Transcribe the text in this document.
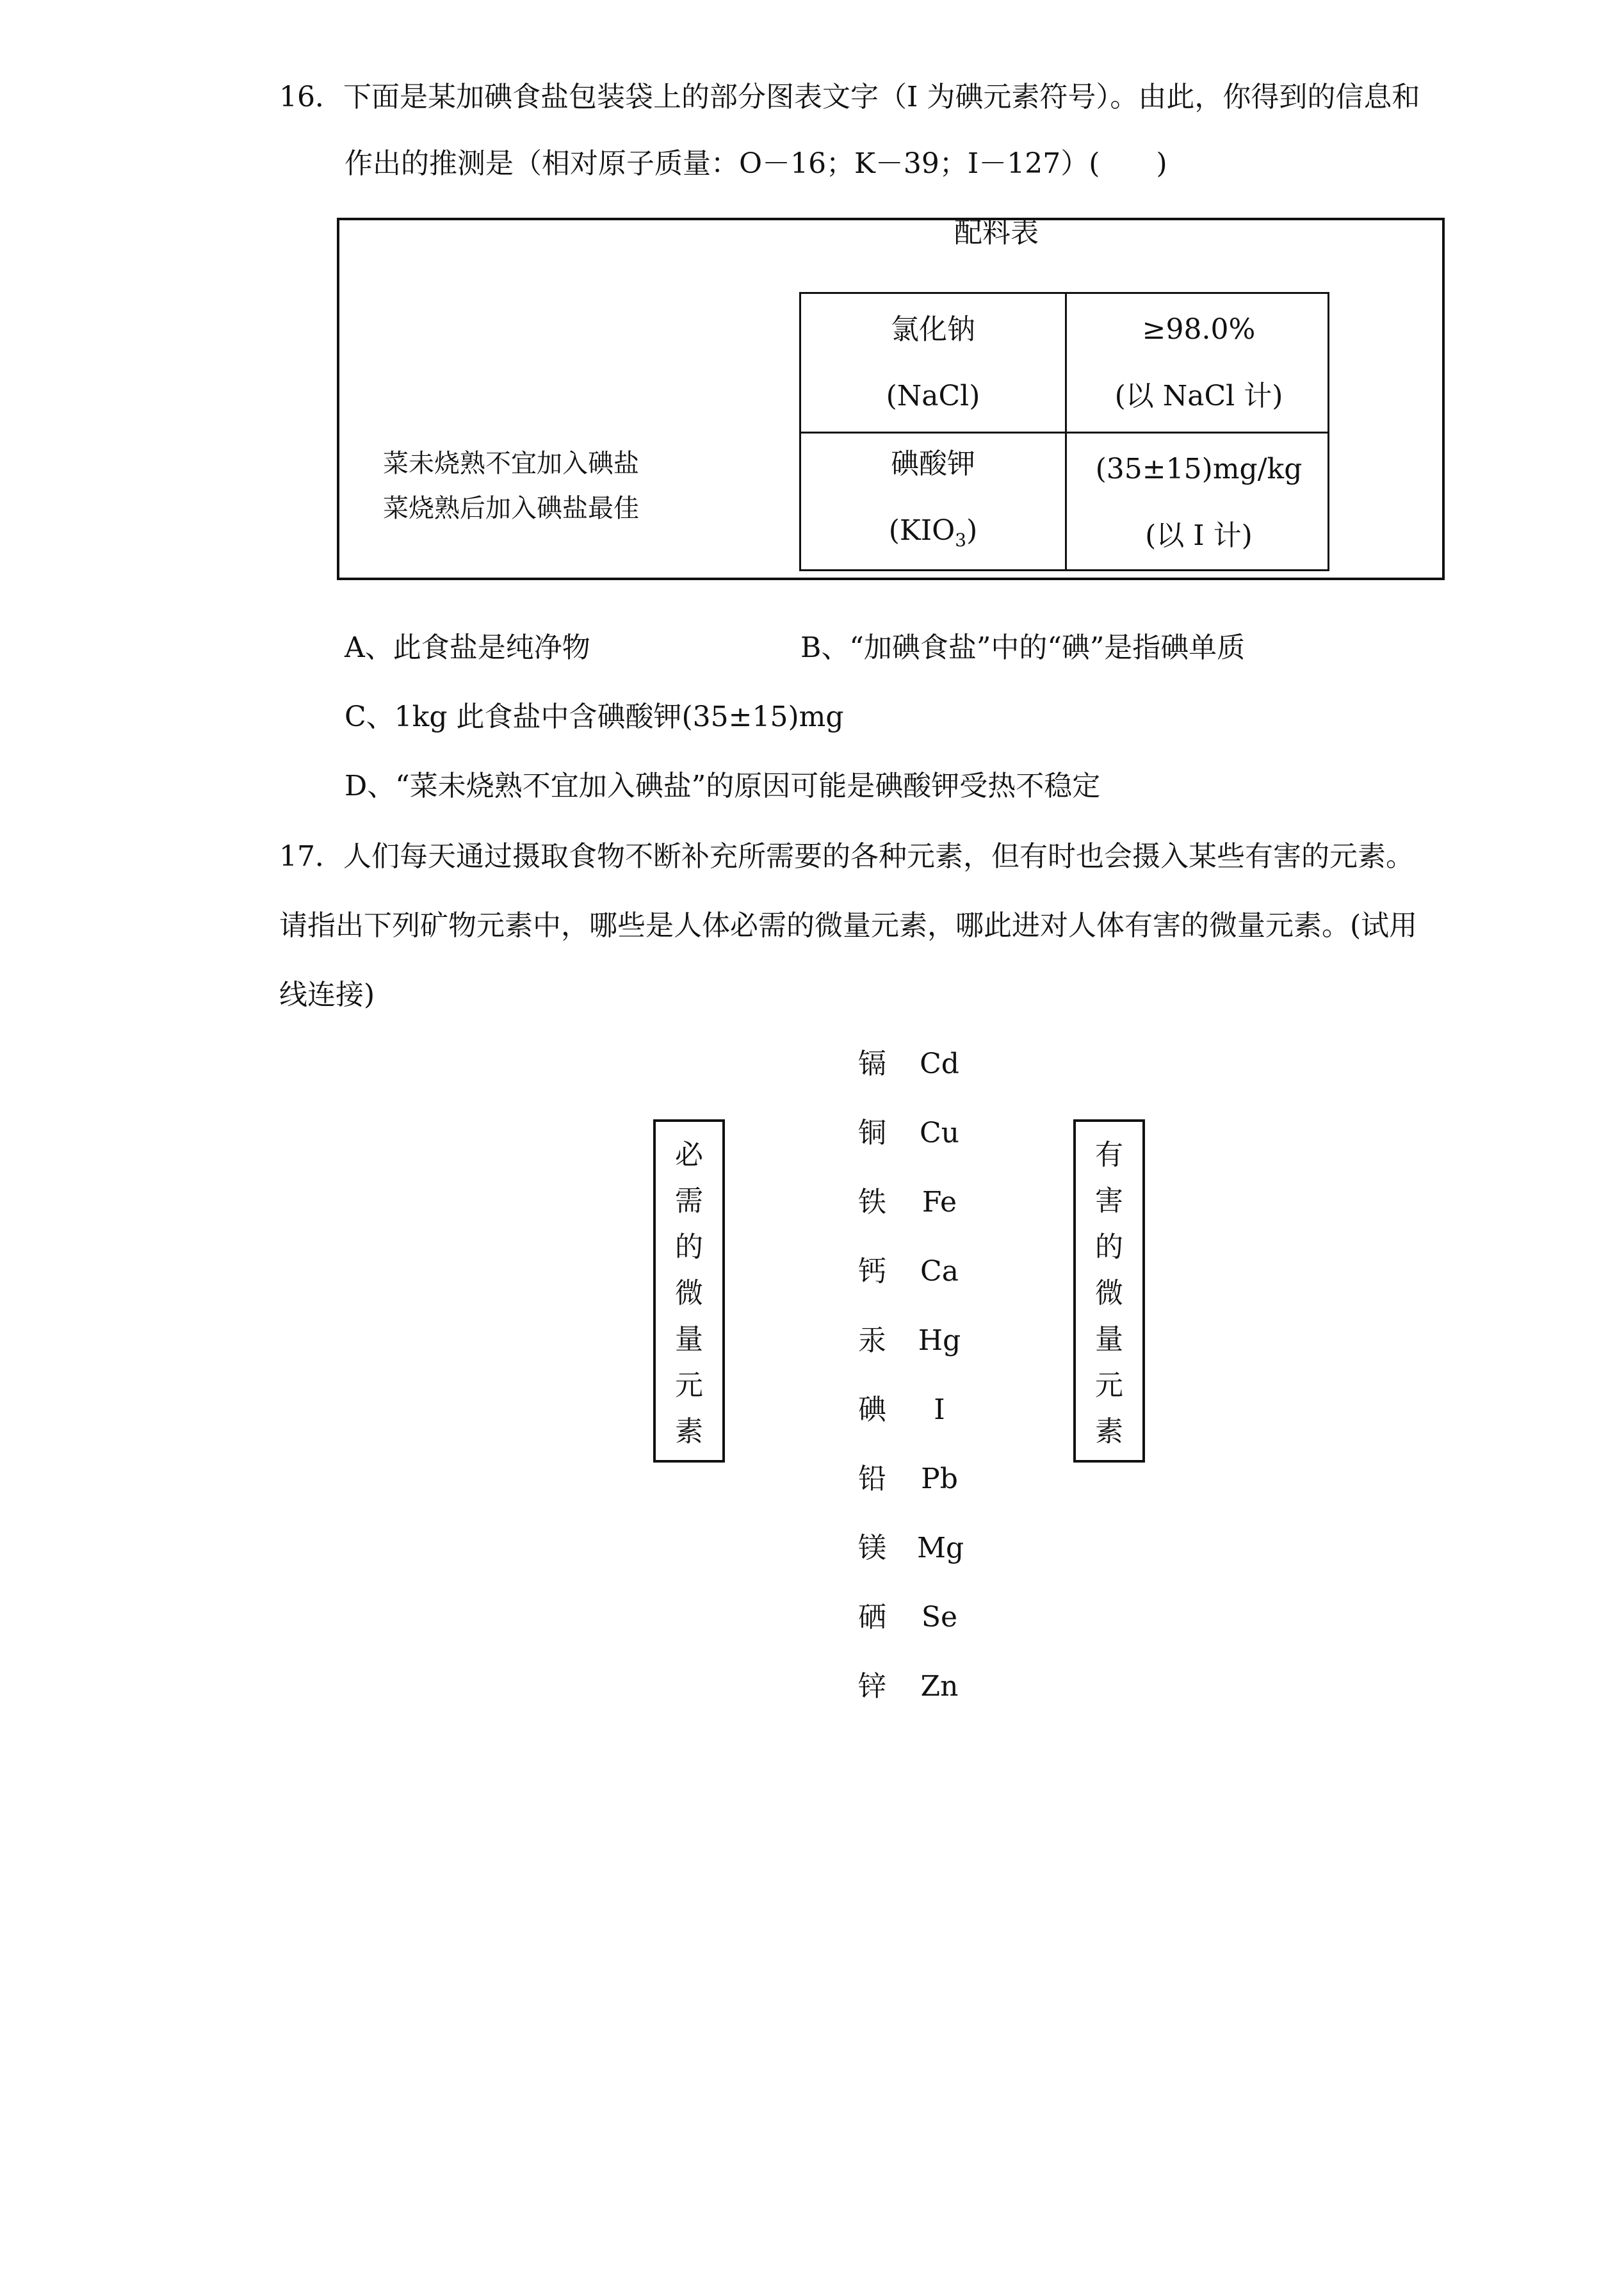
16．下面是某加碘食盐包装袋上的部分图表文字（I 为碘元素符号）。由此，你得到的信息和
作出的推测是（相对原子质量：O－16；K－39；I－127）(　　)
配料表
氯化钠
(NaCl)
≥98.0%
(以 NaCl 计)
碘酸钾
$(KIO_3)$
(35±15)mg/kg
(以 I 计)
菜未烧熟不宜加入碘盐
菜烧熟后加入碘盐最佳
A、此食盐是纯净物	B、“加碘食盐”中的“碘”是指碘单质
C、1kg 此食盐中含碘酸钾(35±15)mg
D、“菜未烧熟不宜加入碘盐”的原因可能是碘酸钾受热不稳定
17．人们每天通过摄取食物不断补充所需要的各种元素，但有时也会摄入某些有害的元素。
请指出下列矿物元素中，哪些是人体必需的微量元素，哪此进对人体有害的微量元素。(试用
线连接)
必
需
的
微
量
元
素
有
害
的
微
量
元
素
镉 Cd
铜 Cu
铁 Fe
钙 Ca
汞 Hg
碘	I
铅 Pb
镁 Mg
硒 Se
锌 Zn
